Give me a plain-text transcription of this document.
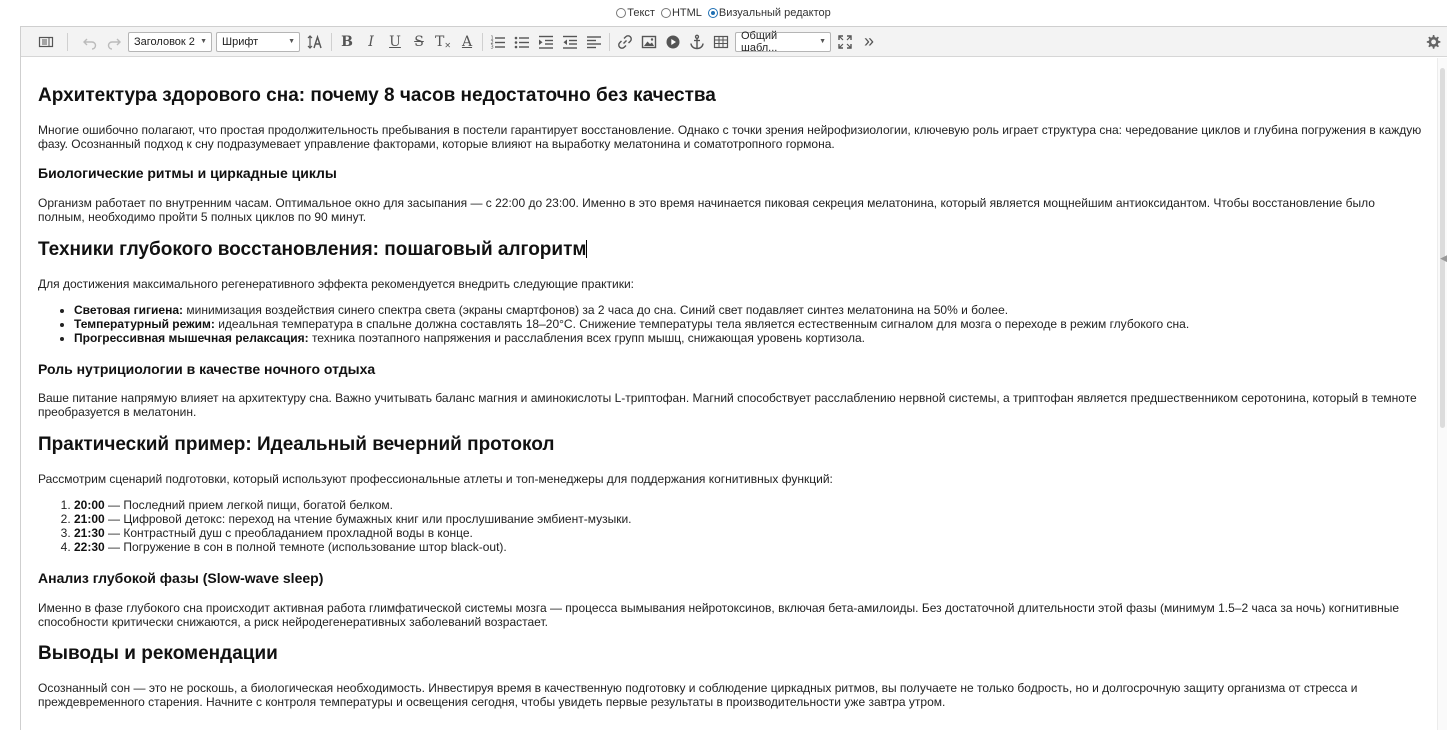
Текст HTML Визуальный редактор
Заголовок 2 ▼ Шрифт	▼	B I U S T ✕ A	1
2
3
Общий шабл...	▼ »
Архитектура здорового сна: почему 8 часов недостаточно без качества

Многие ошибочно полагают, что простая продолжительность пребывания в постели гарантирует восстановление. Однако с точки зрения нейрофизиологии, ключевую роль играет структура сна: чередование циклов и глубина погружения в каждую фазу. Осознанный подход к сну подразумевает управление факторами, которые влияют на выработку мелатонина и соматотропного гормона.

Биологические ритмы и циркадные циклы

Организм работает по внутренним часам. Оптимальное окно для засыпания — с 22:00 до 23:00. Именно в это время начинается пиковая секреция мелатонина, который является мощнейшим антиоксидантом. Чтобы восстановление было полным, необходимо пройти 5 полных циклов по 90 минут.

Техники глубокого восстановления: пошаговый алгоритм

Для достижения максимального регенеративного эффекта рекомендуется внедрить следующие практики:

• Световая гигиена: минимизация воздействия синего спектра света (экраны смартфонов) за 2 часа до сна. Синий свет подавляет синтез мелатонина на 50% и более.
• Температурный режим: идеальная температура в спальне должна составлять 18–20°C. Снижение температуры тела является естественным сигналом для мозга о переходе в режим глубокого сна.
• Прогрессивная мышечная релаксация: техника поэтапного напряжения и расслабления всех групп мышц, снижающая уровень кортизола.
Роль нутрициологии в качестве ночного отдыха

Ваше питание напрямую влияет на архитектуру сна. Важно учитывать баланс магния и аминокислоты L-триптофан. Магний способствует расслаблению нервной системы, а триптофан является предшественником серотонина, который в темноте преобразуется в мелатонин.

Практический пример: Идеальный вечерний протокол

Рассмотрим сценарий подготовки, который используют профессиональные атлеты и топ-менеджеры для поддержания когнитивных функций:

1. 20:00 — Последний прием легкой пищи, богатой белком.
2. 21:00 — Цифровой детокс: переход на чтение бумажных книг или прослушивание эмбиент-музыки.
3. 21:30 — Контрастный душ с преобладанием прохладной воды в конце.
4. 22:30 — Погружение в сон в полной темноте (использование штор black-out).
Анализ глубокой фазы (Slow-wave sleep)

Именно в фазе глубокого сна происходит активная работа глимфатической системы мозга — процесса вымывания нейротоксинов, включая бета-амилоиды. Без достаточной длительности этой фазы (минимум 1.5–2 часа за ночь) когнитивные способности критически снижаются, а риск нейродегенеративных заболеваний возрастает.

Выводы и рекомендации

Осознанный сон — это не роскошь, а биологическая необходимость. Инвестируя время в качественную подготовку и соблюдение циркадных ритмов, вы получаете не только бодрость, но и долгосрочную защиту организма от стресса и преждевременного старения. Начните с контроля температуры и освещения сегодня, чтобы увидеть первые результаты в производительности уже завтра утром.

◀
